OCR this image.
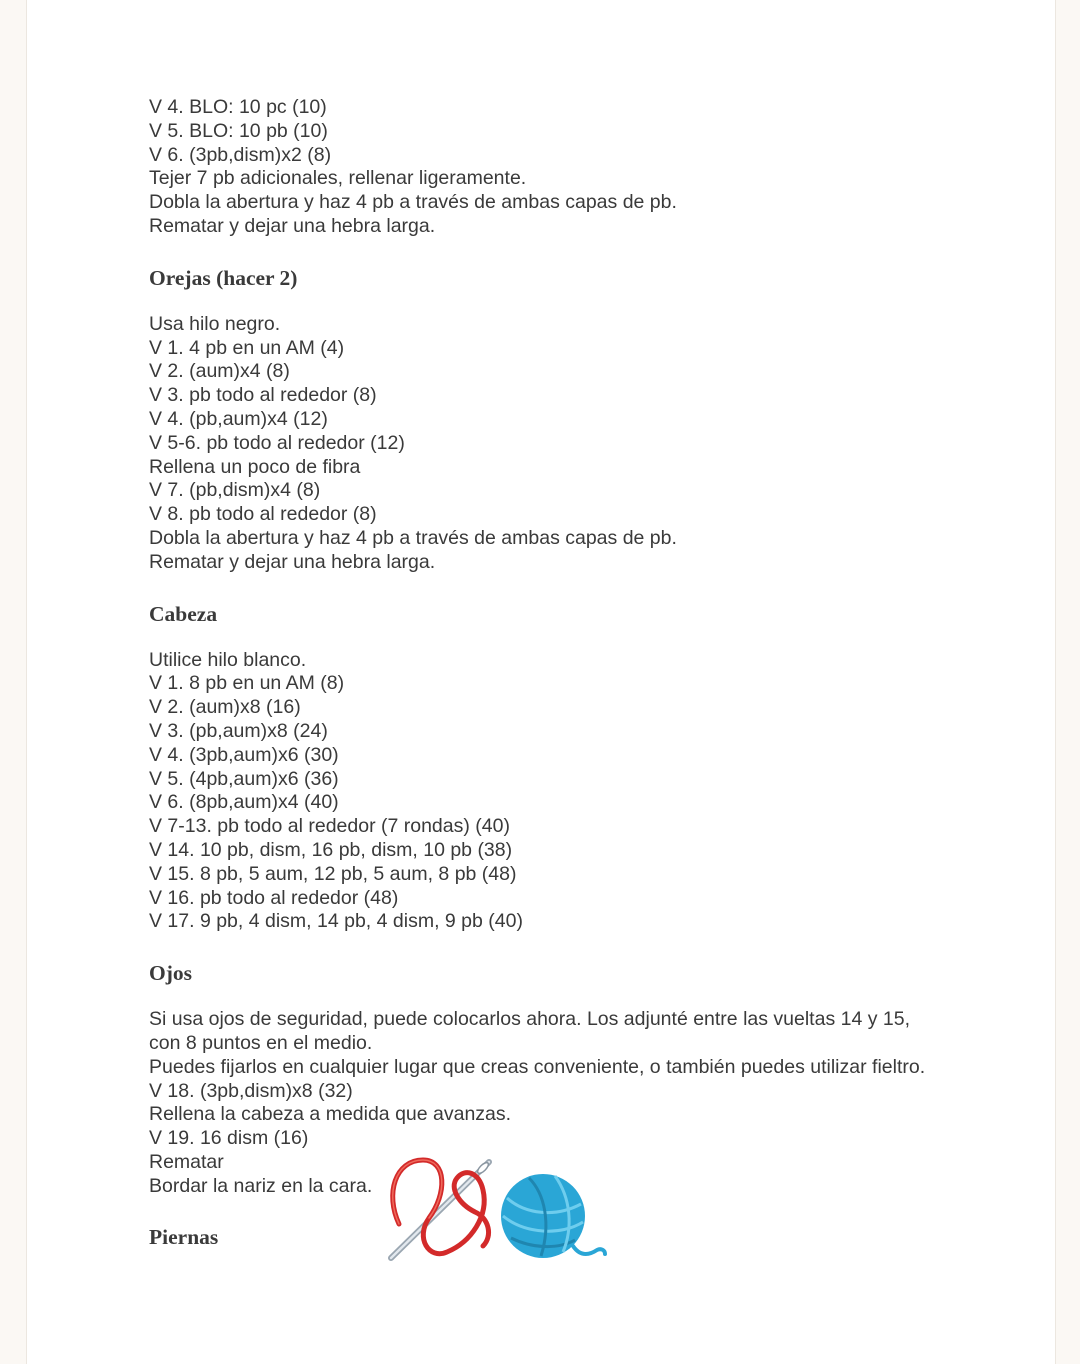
V 4. BLO: 10 pc (10)
V 5. BLO: 10 pb (10)
V 6. (3pb,dism)x2 (8)
Tejer 7 pb adicionales, rellenar ligeramente.
Dobla la abertura y haz 4 pb a través de ambas capas de pb.
Rematar y dejar una hebra larga.
Orejas (hacer 2)
Usa hilo negro.
V 1. 4 pb en un AM (4)
V 2. (aum)x4 (8)
V 3. pb todo al rededor (8)
V 4. (pb,aum)x4 (12)
V 5-6. pb todo al rededor (12)
Rellena un poco de fibra
V 7. (pb,dism)x4 (8)
V 8. pb todo al rededor (8)
Dobla la abertura y haz 4 pb a través de ambas capas de pb.
Rematar y dejar una hebra larga.
Cabeza
Utilice hilo blanco.
V 1. 8 pb en un AM (8)
V 2. (aum)x8 (16)
V 3. (pb,aum)x8 (24)
V 4. (3pb,aum)x6 (30)
V 5. (4pb,aum)x6 (36)
V 6. (8pb,aum)x4 (40)
V 7-13. pb todo al rededor (7 rondas) (40)
V 14. 10 pb, dism, 16 pb, dism, 10 pb (38)
V 15. 8 pb, 5 aum, 12 pb, 5 aum, 8 pb (48)
V 16. pb todo al rededor (48)
V 17. 9 pb, 4 dism, 14 pb, 4 dism, 9 pb (40)
Ojos
Si usa ojos de seguridad, puede colocarlos ahora. Los adjunté entre las vueltas 14 y 15, con 8 puntos en el medio.
Puedes fijarlos en cualquier lugar que creas conveniente, o también puedes utilizar fieltro.
V 18. (3pb,dism)x8 (32)
Rellena la cabeza a medida que avanzas.
V 19. 16 dism (16)
Rematar
Bordar la nariz en la cara.
Piernas
